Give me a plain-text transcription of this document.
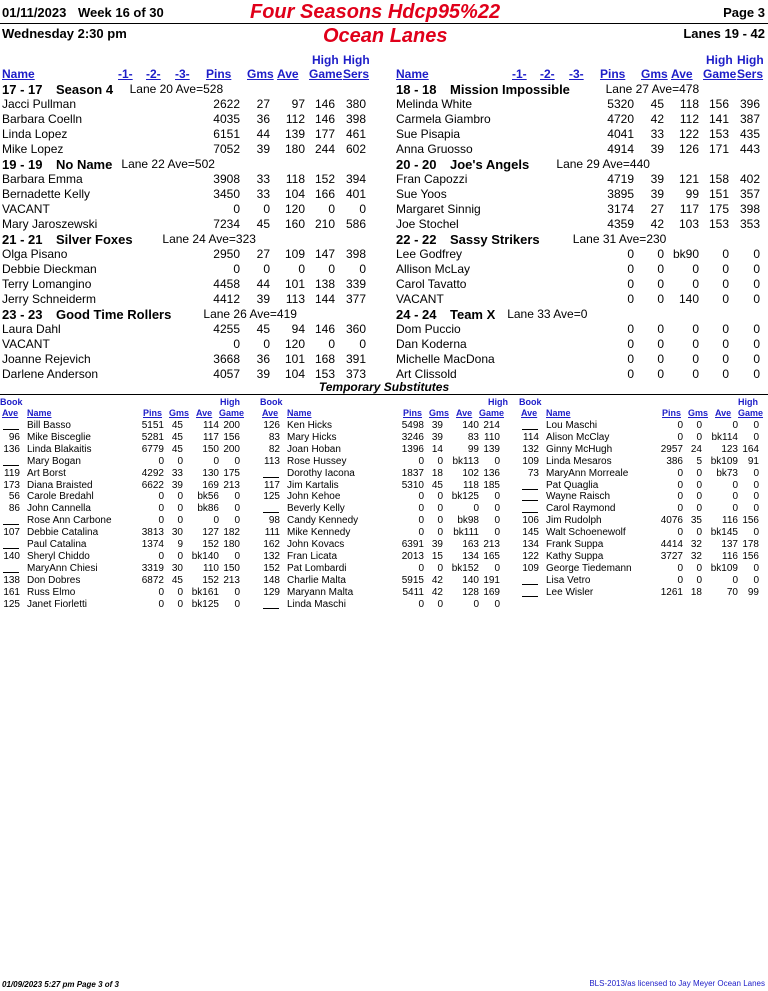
01/11/2023 Week 16 of 30	Four Seasons Hdcp95%22	Page 3
Wednesday 2:30 pm	Ocean Lanes	Lanes 19 - 42
High High
Name	-1- -2- -3- Pins Gms Ave Game Sers
High High
Name	-1- -2- -3- Pins Gms Ave Game Sers
17 - 17 Season 4 Lane 20 Ave=528
Jacci Pullman	2622 27 97 146 380
Barbara Coelln	4035 36 112 146 398
Linda Lopez	6151 44 139 177 461
Mike Lopez	7052 39 180 244 602
19 - 19 No Name Lane 22 Ave=502
Barbara Emma	3908 33 118 152 394
Bernadette Kelly	3450 33 104 166 401
VACANT	0 0 120 0 0
Mary Jaroszewski	7234 45 160 210 586
21 - 21 Silver Foxes Lane 24 Ave=323
Olga Pisano	2950 27 109 147 398
Debbie Dieckman	0 0 0 0 0
Terry Lomangino	4458 44 101 138 339
Jerry Schneiderm	4412 39 113 144 377
23 - 23 Good Time Rollers	Lane 26 Ave=419
Laura Dahl	4255 45 94 146 360
VACANT	0 0 120 0 0
Joanne Rejevich	3668 36 101 168 391
Darlene Anderson	4057 39 104 153 373
18 - 18 Mission Impossible	Lane 27 Ave=478
Melinda White	5320 45 118 156 396
Carmela Giambro	4720 42 112 141 387
Sue Pisapia	4041 33 122 153 435
Anna Gruosso	4914 39 126 171 443
20 - 20 Joe's Angels Lane 29 Ave=440
Fran Capozzi	4719 39 121 158 402
Sue Yoos	3895 39 99 151 357
Margaret Sinnig	3174 27 117 175 398
Joe Stochel	4359 42 103 153 353
22 - 22 Sassy Strikers	Lane 31 Ave=230
Lee Godfrey	0 0 bk90 0 0
Allison McLay	0 0 0 0 0
Carol Tavatto	0 0 0 0 0
VACANT	0 0 140 0 0
24 - 24 Team X Lane 33 Ave=0
Dom Puccio	0 0 0 0 0
Dan Koderna	0 0 0 0 0
Michelle MacDona	0 0 0 0 0
Art Clissold	0 0 0 0 0
Temporary Substitutes
Book	High
Ave Name	Pins Gms Ave Game
Bill Basso	5151 45 114 200
96 Mike Bisceglie	5281 45 117 156
136 Linda Blakaitis	6779 45 150 200
Mary Bogan	0 0	0 0
119 Art Borst	4292 33 130 175
173 Diana Braisted	6622 39 169 213
56 Carole Bredahl	0 0 bk56 0
86 John Cannella	0 0 bk86 0
Rose Ann Carbone	0 0	0 0
107 Debbie Catalina	3813 30 127 182
Paul Catalina	1374 9 152 180
140 Sheryl Chiddo	0 0 bk140 0
MaryAnn Chiesi	3319 30 110 150
138 Don Dobres	6872 45 152 213
161 Russ Elmo	0 0 bk161 0
125 Janet Fiorletti	0 0 bk125 0
Book	High
Ave Name	Pins Gms Ave Game
126 Ken Hicks	5498 39 140 214
83 Mary Hicks	3246 39 83 110
82 Joan Hoban	1396 14 99 139
113 Rose Hussey	0 0 bk113 0
Dorothy Iacona	1837 18 102 136
117 Jim Kartalis	5310 45 118 185
125 John Kehoe	0 0 bk125 0
Beverly Kelly	0 0	0 0
98 Candy Kennedy	0 0 bk98 0
111 Mike Kennedy	0 0 bk111 0
162 John Kovacs	6391 39 163 213
132 Fran Licata	2013 15 134 165
152 Pat Lombardi	0 0 bk152 0
148 Charlie Malta	5915 42 140 191
129 Maryann Malta	5411 42 128 169
Linda Maschi	0 0	0 0
Book	High
Ave Name	Pins Gms Ave Game
Lou Maschi	0 0	0 0
114 Alison McClay	0 0 bk114 0
132 Ginny McHugh	2957 24 123 164
109 Linda Mesaros	386 5 bk109 91
73 MaryAnn Morreale	0 0 bk73 0
Pat Quaglia	0 0	0 0
Wayne Raisch	0 0	0 0
Carol Raymond	0 0	0 0
106 Jim Rudolph	4076 35 116 156
145 Walt Schoenewolf	0 0 bk145 0
134 Frank Suppa	4414 32 137 178
122 Kathy Suppa	3727 32 116 156
109 George Tiedemann	0 0 bk109 0
Lisa Vetro	0 0	0 0
Lee Wisler	1261 18 70 99
01/09/2023 5:27 pm Page 3 of 3	BLS-2013/as licensed to Jay Meyer Ocean Lanes
